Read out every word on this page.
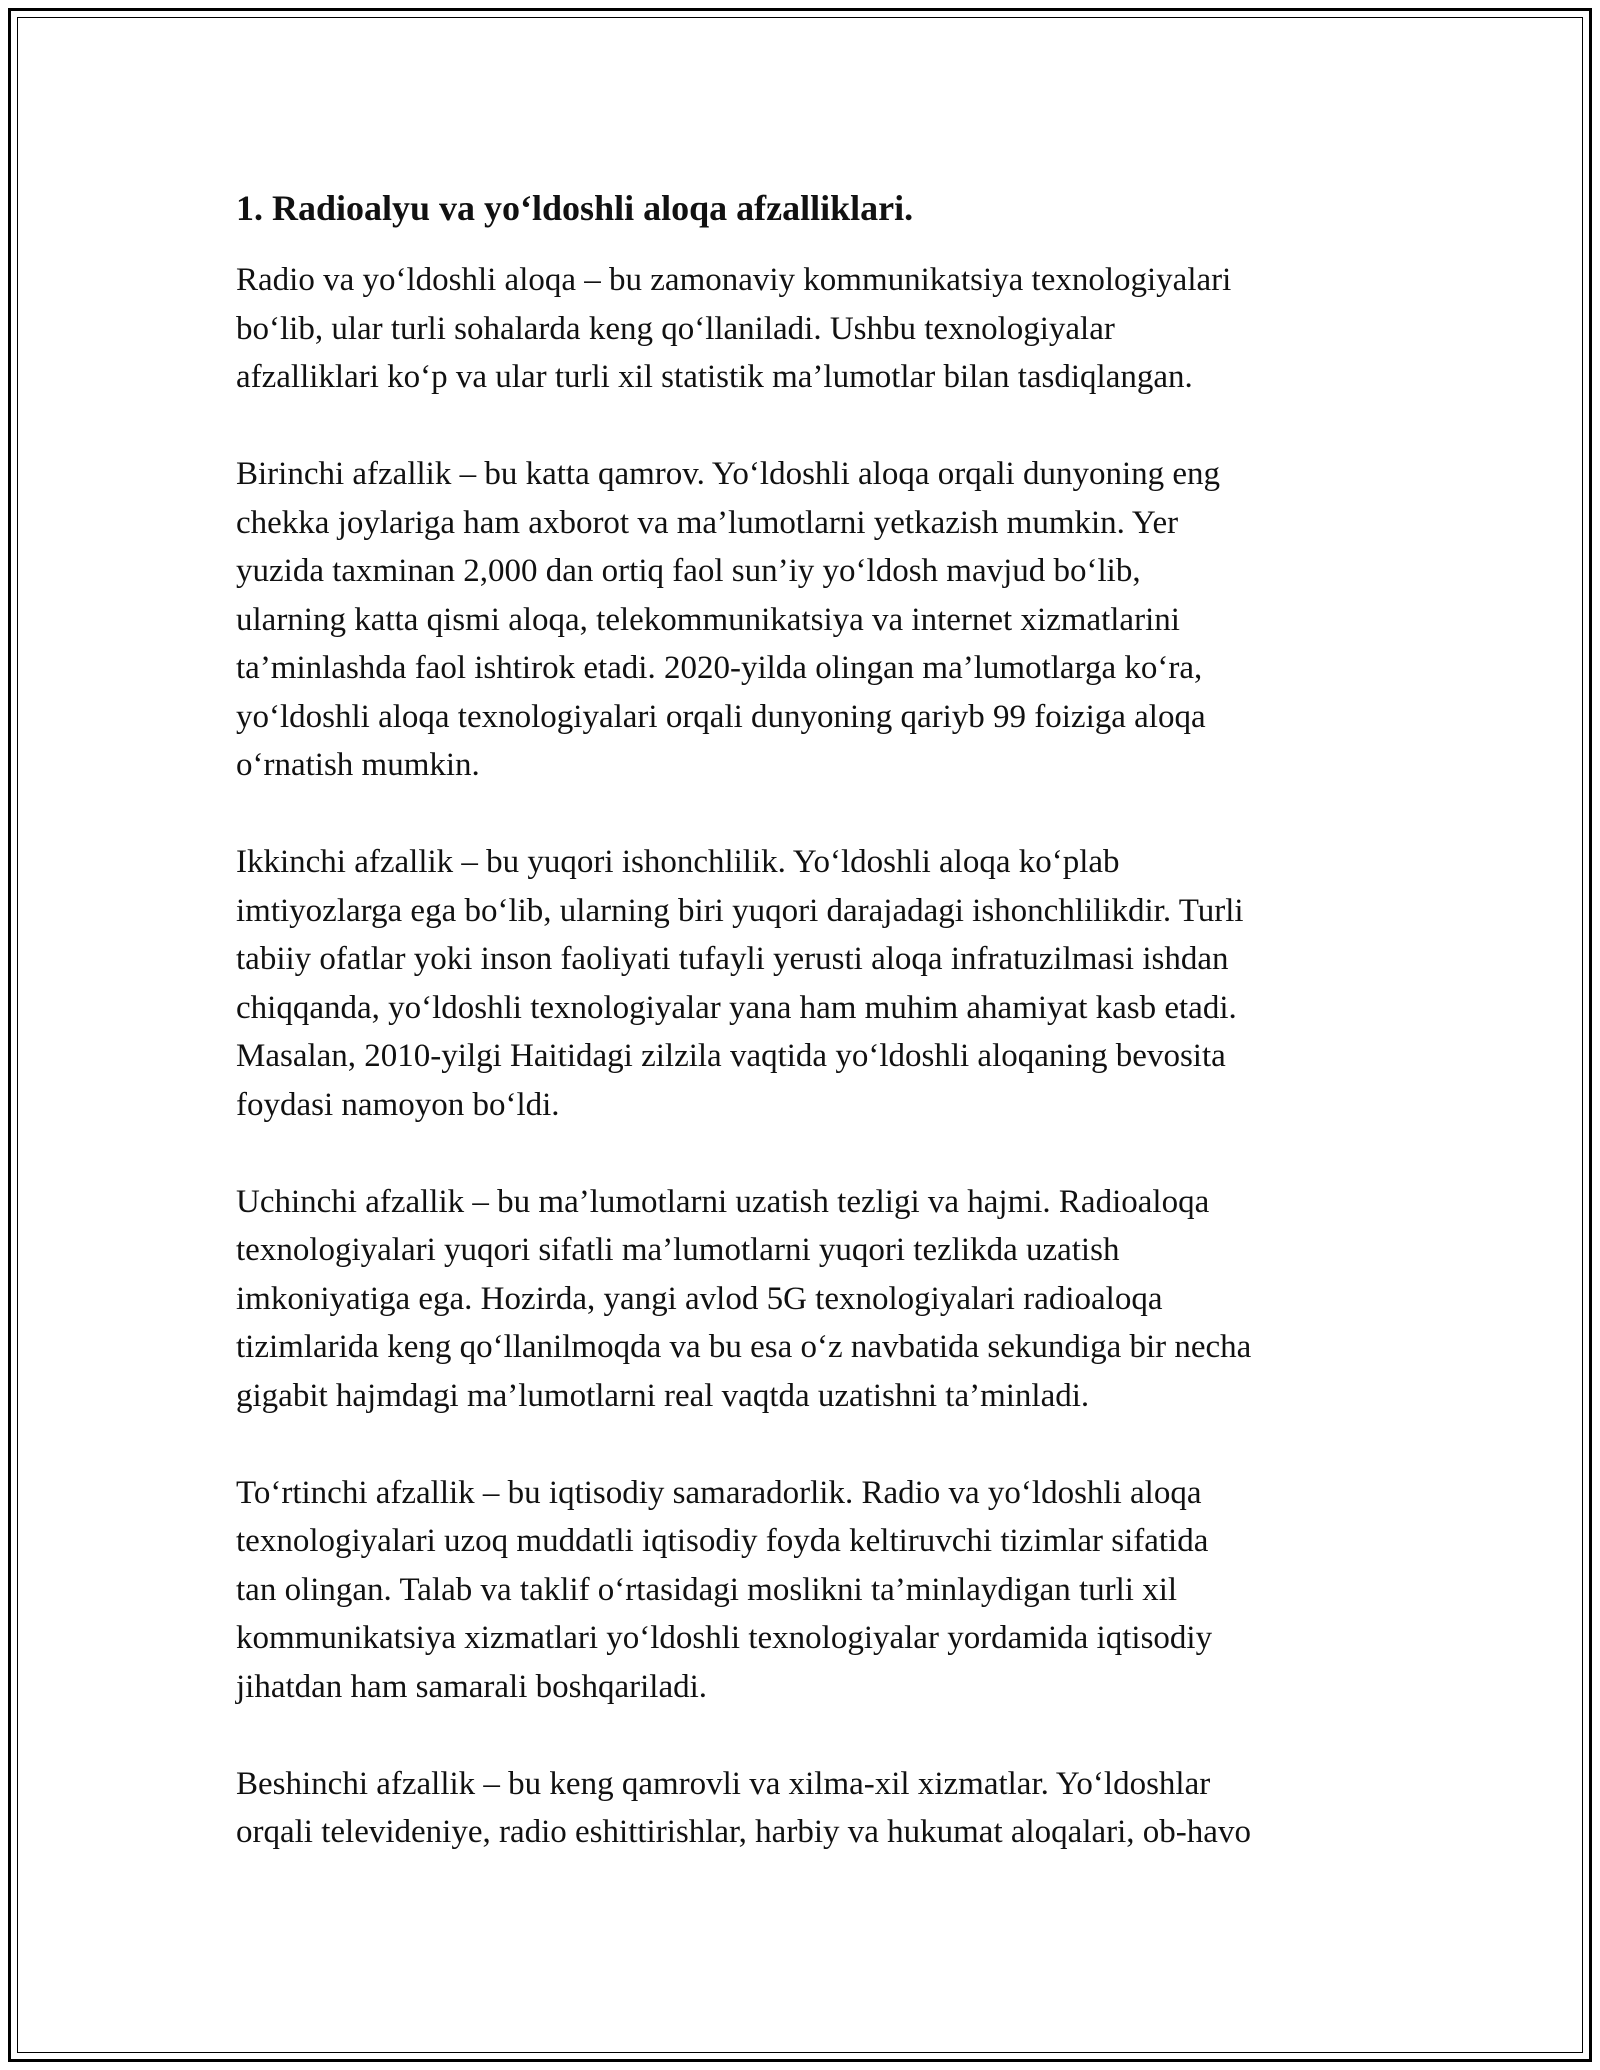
1. Radioalyu va yo‘ldoshli aloqa afzalliklari.

Radio va yo‘ldoshli aloqa – bu zamonaviy kommunikatsiya texnologiyalari
bo‘lib, ular turli sohalarda keng qo‘llaniladi. Ushbu texnologiyalar
afzalliklari ko‘p va ular turli xil statistik ma’lumotlar bilan tasdiqlangan.

Birinchi afzallik – bu katta qamrov. Yo‘ldoshli aloqa orqali dunyoning eng
chekka joylariga ham axborot va ma’lumotlarni yetkazish mumkin. Yer
yuzida taxminan 2,000 dan ortiq faol sun’iy yo‘ldosh mavjud bo‘lib,
ularning katta qismi aloqa, telekommunikatsiya va internet xizmatlarini
ta’minlashda faol ishtirok etadi. 2020-yilda olingan ma’lumotlarga ko‘ra,
yo‘ldoshli aloqa texnologiyalari orqali dunyoning qariyb 99 foiziga aloqa
o‘rnatish mumkin.

Ikkinchi afzallik – bu yuqori ishonchlilik. Yo‘ldoshli aloqa ko‘plab
imtiyozlarga ega bo‘lib, ularning biri yuqori darajadagi ishonchlilikdir. Turli
tabiiy ofatlar yoki inson faoliyati tufayli yerusti aloqa infratuzilmasi ishdan
chiqqanda, yo‘ldoshli texnologiyalar yana ham muhim ahamiyat kasb etadi.
Masalan, 2010-yilgi Haitidagi zilzila vaqtida yo‘ldoshli aloqaning bevosita
foydasi namoyon bo‘ldi.

Uchinchi afzallik – bu ma’lumotlarni uzatish tezligi va hajmi. Radioaloqa
texnologiyalari yuqori sifatli ma’lumotlarni yuqori tezlikda uzatish
imkoniyatiga ega. Hozirda, yangi avlod 5G texnologiyalari radioaloqa
tizimlarida keng qo‘llanilmoqda va bu esa o‘z navbatida sekundiga bir necha
gigabit hajmdagi ma’lumotlarni real vaqtda uzatishni ta’minladi.

To‘rtinchi afzallik – bu iqtisodiy samaradorlik. Radio va yo‘ldoshli aloqa
texnologiyalari uzoq muddatli iqtisodiy foyda keltiruvchi tizimlar sifatida
tan olingan. Talab va taklif o‘rtasidagi moslikni ta’minlaydigan turli xil
kommunikatsiya xizmatlari yo‘ldoshli texnologiyalar yordamida iqtisodiy
jihatdan ham samarali boshqariladi.

Beshinchi afzallik – bu keng qamrovli va xilma-xil xizmatlar. Yo‘ldoshlar
orqali televideniye, radio eshittirishlar, harbiy va hukumat aloqalari, ob-havo
